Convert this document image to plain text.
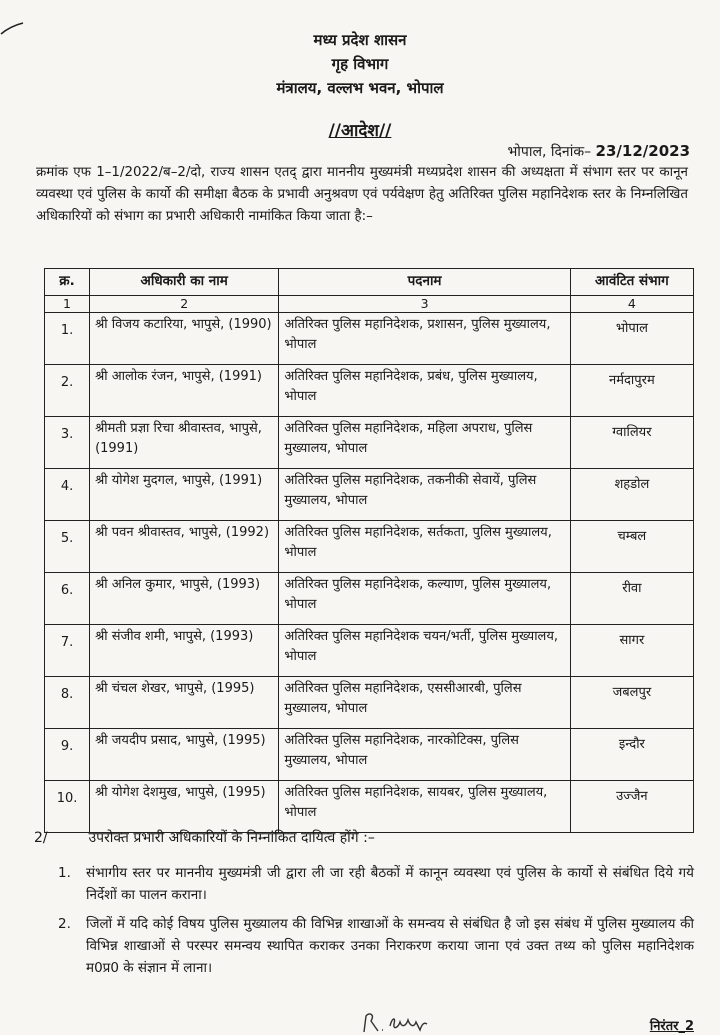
मध्य प्रदेश शासन
गृह विभाग
मंत्रालय, वल्लभ भवन, भोपाल
//आदेश//
भोपाल, दिनांक– 23/12/2023
क्रमांक एफ 1–1/2022/ब–2/दो, राज्य शासन एतद् द्वारा माननीय मुख्यमंत्री मध्यप्रदेश शासन की अध्यक्षता में संभाग स्तर पर कानून व्यवस्था एवं पुलिस के कार्यो की समीक्षा बैठक के प्रभावी अनुश्रवण एवं पर्यवेक्षण हेतु अतिरिक्त पुलिस महानिदेशक स्तर के निम्नलिखित अधिकारियों को संभाग का प्रभारी अधिकारी नामांकित किया जाता है:–
क्र.	अधिकारी का नाम	पदनाम	आवंटित संभाग
1	2	3	4
1.	श्री विजय कटारिया, भापुसे, (1990)	अतिरिक्त पुलिस महानिदेशक, प्रशासन, पुलिस मुख्यालय, भोपाल	भोपाल
2.	श्री आलोक रंजन, भापुसे, (1991)	अतिरिक्त पुलिस महानिदेशक, प्रबंध, पुलिस मुख्यालय, भोपाल	नर्मदापुरम
3.	श्रीमती प्रज्ञा रिचा श्रीवास्तव, भापुसे, (1991)	अतिरिक्त पुलिस महानिदेशक, महिला अपराध, पुलिस मुख्यालय, भोपाल	ग्वालियर
4.	श्री योगेश मुदगल, भापुसे, (1991)	अतिरिक्त पुलिस महानिदेशक, तकनीकी सेवायें, पुलिस मुख्यालय, भोपाल	शहडोल
5.	श्री पवन श्रीवास्तव, भापुसे, (1992)	अतिरिक्त पुलिस महानिदेशक, सर्तकता, पुलिस मुख्यालय, भोपाल	चम्बल
6.	श्री अनिल कुमार, भापुसे, (1993)	अतिरिक्त पुलिस महानिदेशक, कल्याण, पुलिस मुख्यालय, भोपाल	रीवा
7.	श्री संजीव शमी, भापुसे, (1993)	अतिरिक्त पुलिस महानिदेशक चयन/भर्ती, पुलिस मुख्यालय, भोपाल	सागर
8.	श्री चंचल शेखर, भापुसे, (1995)	अतिरिक्त पुलिस महानिदेशक, एससीआरबी, पुलिस मुख्यालय, भोपाल	जबलपुर
9.	श्री जयदीप प्रसाद, भापुसे, (1995)	अतिरिक्त पुलिस महानिदेशक, नारकोटिक्स, पुलिस मुख्यालय, भोपाल	इन्दौर
10.	श्री योगेश देशमुख, भापुसे, (1995)	अतिरिक्त पुलिस महानिदेशक, सायबर, पुलिस मुख्यालय, भोपाल	उज्जैन
2/	उपरोक्त प्रभारी अधिकारियों के निम्नांकित दायित्व होंगे :–
1. संभागीय स्तर पर माननीय मुख्यमंत्री जी द्वारा ली जा रही बैठकों में कानून व्यवस्था एवं पुलिस के कार्यो से संबंधित दिये गये निर्देशों का पालन कराना।
2. जिलों में यदि कोई विषय पुलिस मुख्यालय की विभिन्न शाखाओं के समन्वय से संबंधित है जो इस संबंध में पुलिस मुख्यालय की विभिन्न शाखाओं से परस्पर समन्वय स्थापित कराकर उनका निराकरण कराया जाना एवं उक्त तथ्य को पुलिस महानिदेशक म0प्र0 के संज्ञान में लाना।
निरंतर_2
